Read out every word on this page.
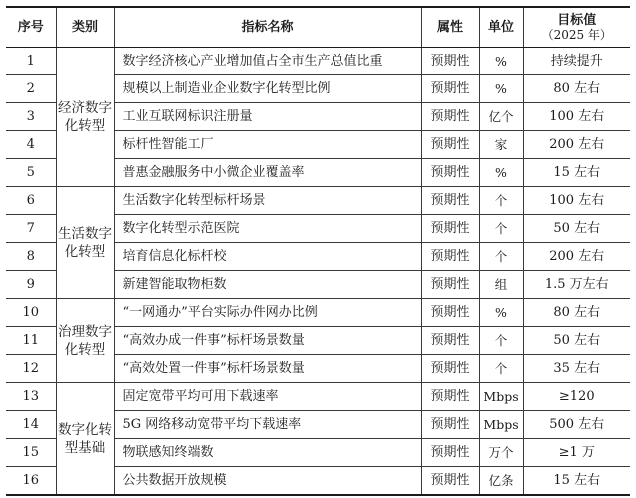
序号	类别	指标名称	属性	单位	目标值
（2025 年）

1	经济数字化转型	数字经济核心产业增加值占全市生产总值比重	预期性	%	持续提升
2		规模以上制造业企业数字化转型比例	预期性	%	80 左右
3		工业互联网标识注册量	预期性	亿个	100 左右
4		标杆性智能工厂	预期性	家	200 左右
5		普惠金融服务中小微企业覆盖率	预期性	%	15 左右
6	生活数字化转型	生活数字化转型标杆场景	预期性	个	100 左右
7		数字化转型示范医院	预期性	个	50 左右
8		培育信息化标杆校	预期性	个	200 左右
9		新建智能取物柜数	预期性	组	1.5 万左右
10	治理数字化转型	“一网通办”平台实际办件网办比例	预期性	%	80 左右
11		“高效办成一件事”标杆场景数量	预期性	个	50 左右
12		“高效处置一件事”标杆场景数量	预期性	个	35 左右
13	数字化转型基础	固定宽带平均可用下载速率	预期性	Mbps	≥120
14		5G 网络移动宽带平均下载速率	预期性	Mbps	500 左右
15		物联感知终端数	预期性	万个	≥1 万
16		公共数据开放规模	预期性	亿条	15 左右
